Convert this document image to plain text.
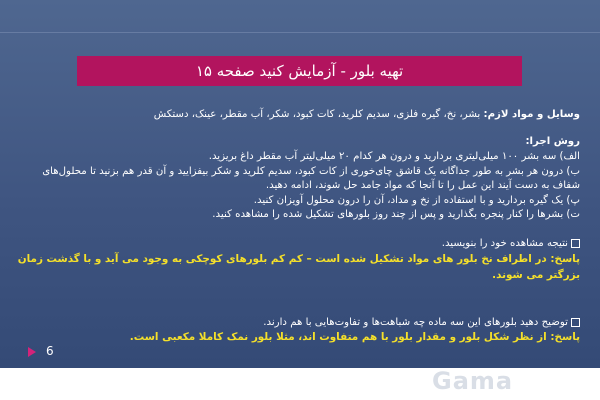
تهیه بلور - آزمایش کنید صفحه ۱۵
وسایل و مواد لازم: بشر، نخ، گیره فلزی، سدیم کلرید، کات کبود، شکر، آب مقطر، عینک، دستکش
روش اجرا:
الف) سه بشر ۱۰۰ میلی‌لیتری بردارید و درون هر کدام ۲۰ میلی‌لیتر آب مقطر داغ بریزید.
ب) درون هر بشر به طور جداگانه یک قاشق چای‌خوری از کات کبود، سدیم کلرید و شکر بیفزایید و آن قدر هم بزنید تا محلول‌های
شفاف به دست آیند این عمل را تا آنجا که مواد جامد حل شوند، ادامه دهید.
پ) یک گیره بردارید و با استفاده از نخ و مداد، آن را درون محلول آویزان کنید.
ت) بشرها را کنار پنجره بگذارید و پس از چند روز بلورهای تشکیل شده را مشاهده کنید.
نتیجه مشاهده خود را بنویسید.
پاسخ: در اطراف نخ بلور های مواد تشکیل شده است – کم کم بلورهای کوچکی به وجود می آید و با گذشت زمان بزرگتر می شوند.
توضیح دهید بلورهای این سه ماده چه شباهت‌ها و تفاوت‌هایی با هم دارند.
پاسخ: از نظر شکل بلور و مقدار بلور با هم متفاوت اند، مثلا بلور نمک کاملا مکعبی است.
6
Gama
